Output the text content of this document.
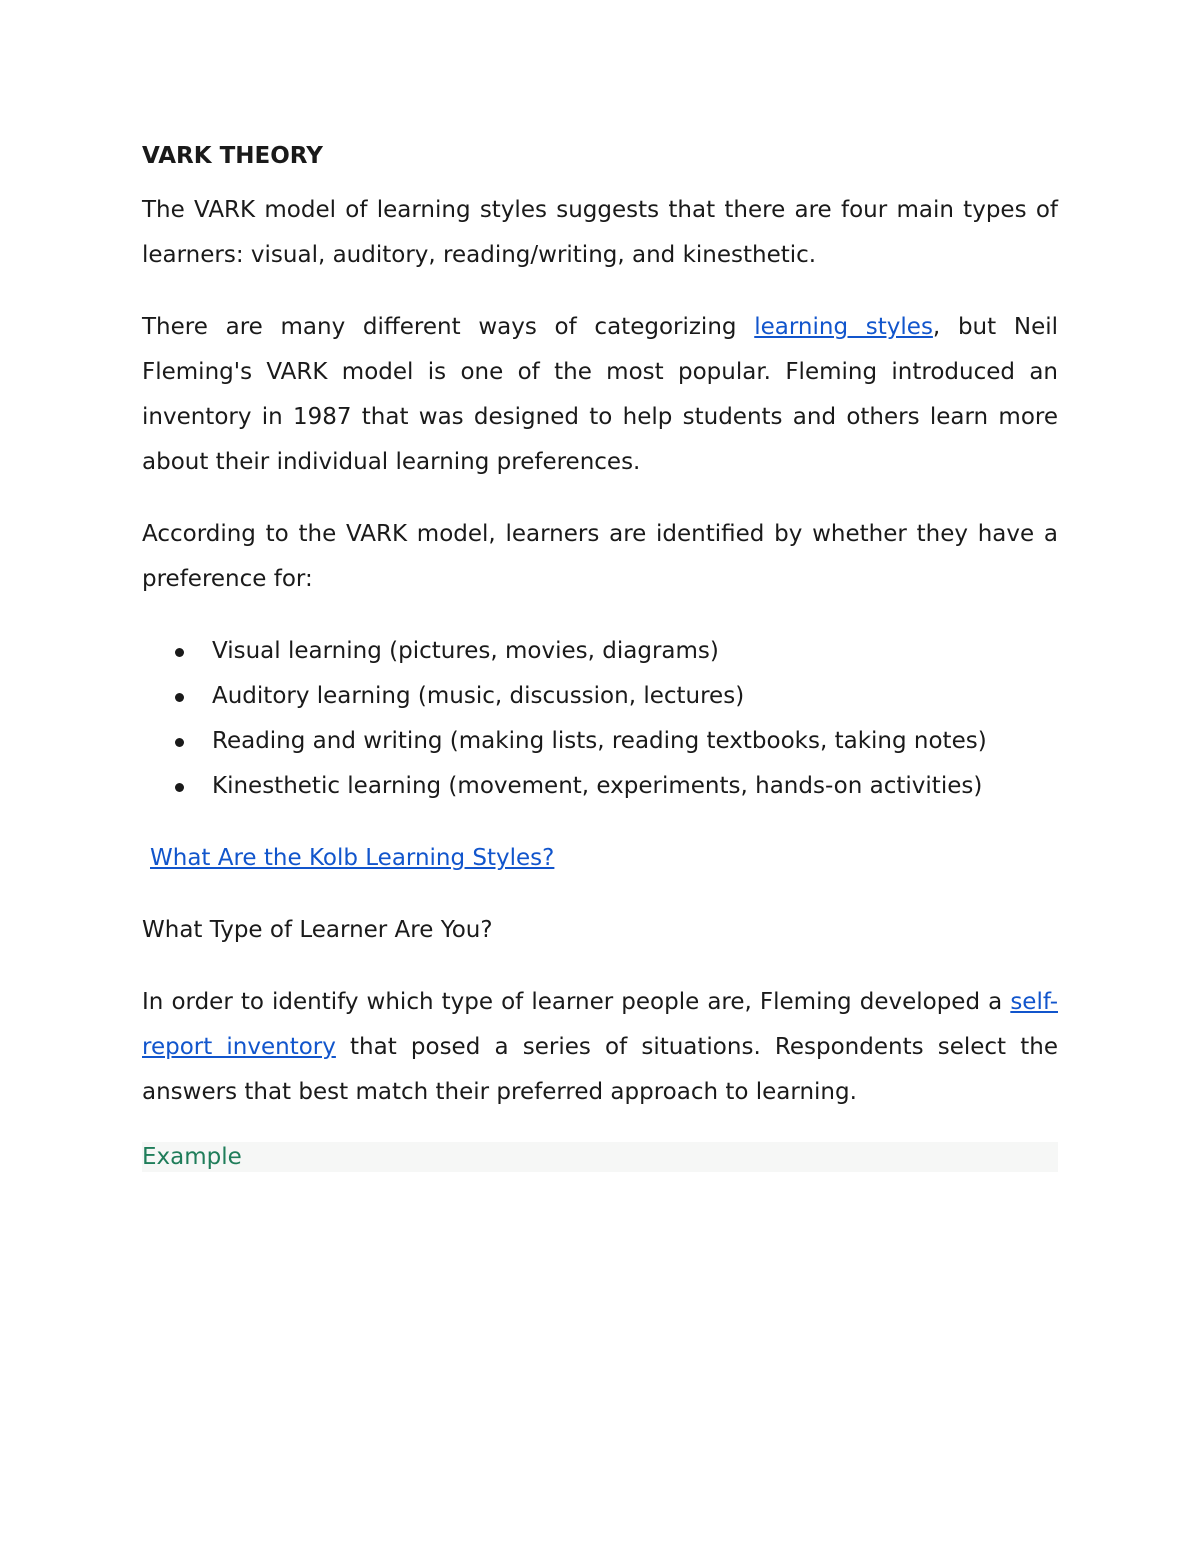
VARK THEORY

The VARK model of learning styles suggests that there are four main types of learners: visual, auditory, reading/writing, and kinesthetic.

There are many different ways of categorizing learning styles, but Neil Fleming's VARK model is one of the most popular. Fleming introduced an inventory in 1987 that was designed to help students and others learn more about their individual learning preferences.

According to the VARK model, learners are identified by whether they have a preference for:

Visual learning (pictures, movies, diagrams)
Auditory learning (music, discussion, lectures)
Reading and writing (making lists, reading textbooks, taking notes)
Kinesthetic learning (movement, experiments, hands-on activities)
What Are the Kolb Learning Styles?
What Type of Learner Are You?

In order to identify which type of learner people are, Fleming developed a self-report inventory that posed a series of situations. Respondents select the answers that best match their preferred approach to learning.

Example
